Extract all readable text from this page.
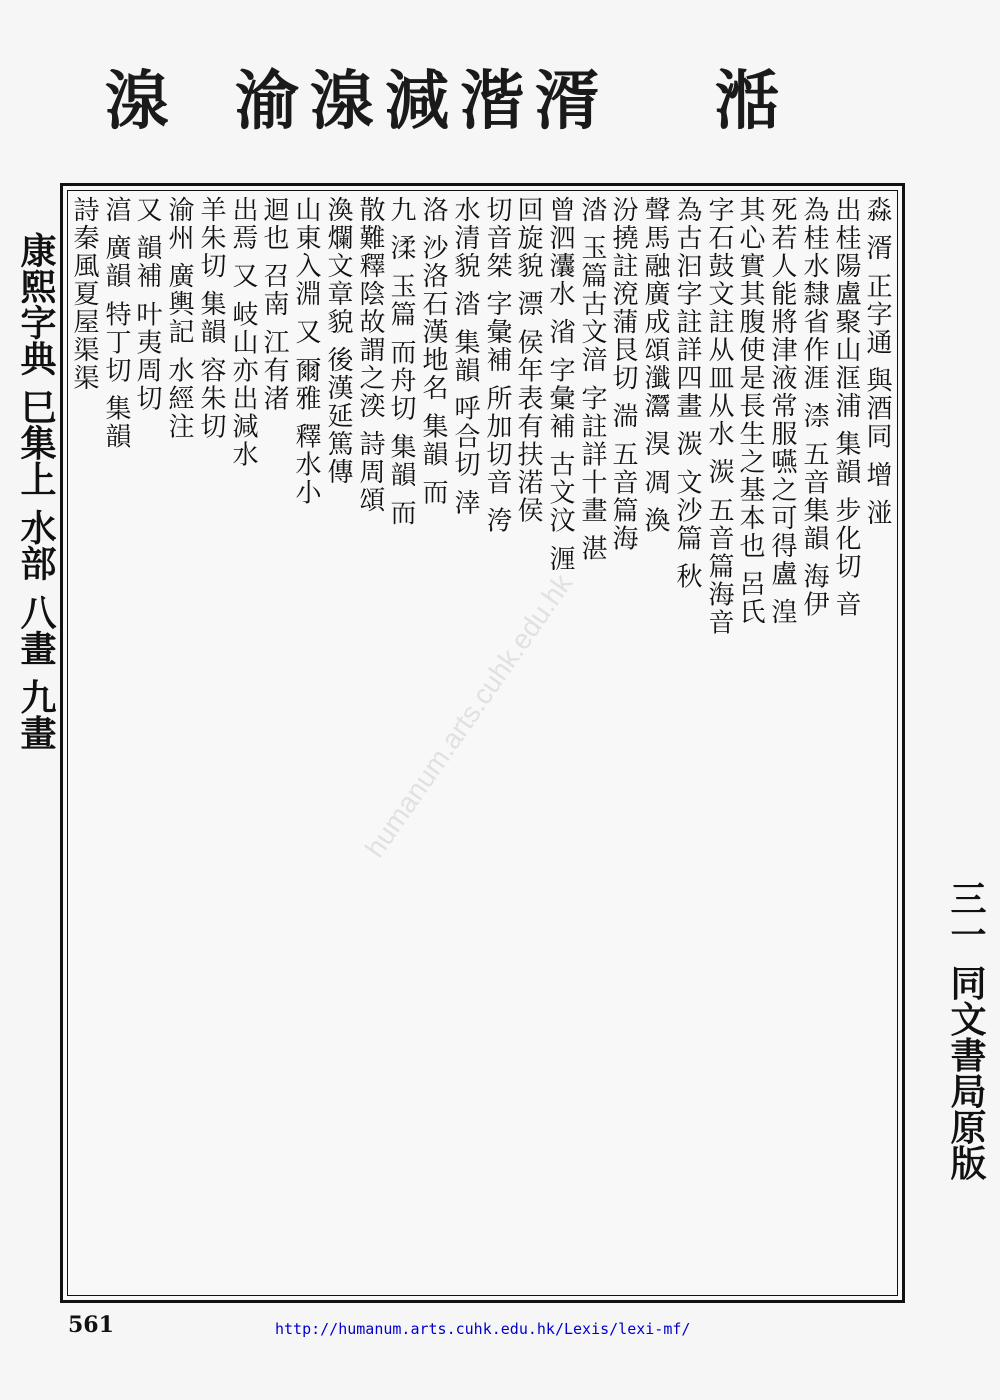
湶 渝 湶 減 湝 湑 湉
康熙字典 巳集上 水部 八畫 九畫	淼 湑 正字通 與酒同 增 湴
出桂陽盧聚山洭浦 集韻 步化切 音
為桂水隸省作涯 渿 五音集韻 海伊
死若人能將津液常服嚥之可得盧 湟
其心實其腹使是長生之基本也 呂氏
字石鼓文註从皿从水 湠 五音篇海音
為古汩字註詳四畫 湠 文沙篇 秋
聲馬融廣成頌瀸灊 湨 凋 渙
汾撓註渷蒲艮切 湍 五音篇海
涾 玉篇古文湆 字註詳十畫 湛
曾泗灢水 渻 字彙補 古文汶 湹
回旋貌 漂 侯年表有扶渃侯
切音桀 字彙補 所加切音 洿
水清貌 涾 集韻 呼合切 涬
洛 沙洛石漢地名 集韻 而
九 渘 玉篇 而舟切 集韻 而
散難釋陰故謂之湙 詩周頌
渙爛文章貌 後漢延篤傳
山東入淵 又 爾雅 釋水小
迴也 召南 江有渚
出焉 又 岐山亦出減水
羊朱切 集韻 容朱切
渝州 廣輿記 水經注
又 韻補 叶夷周切
湻 廣韻 特丁切 集韻
詩秦風夏屋渠渠
三一 同文書局原版
561	http://humanum.arts.cuhk.edu.hk/Lexis/lexi-mf/
humanum.arts.cuhk.edu.hk
